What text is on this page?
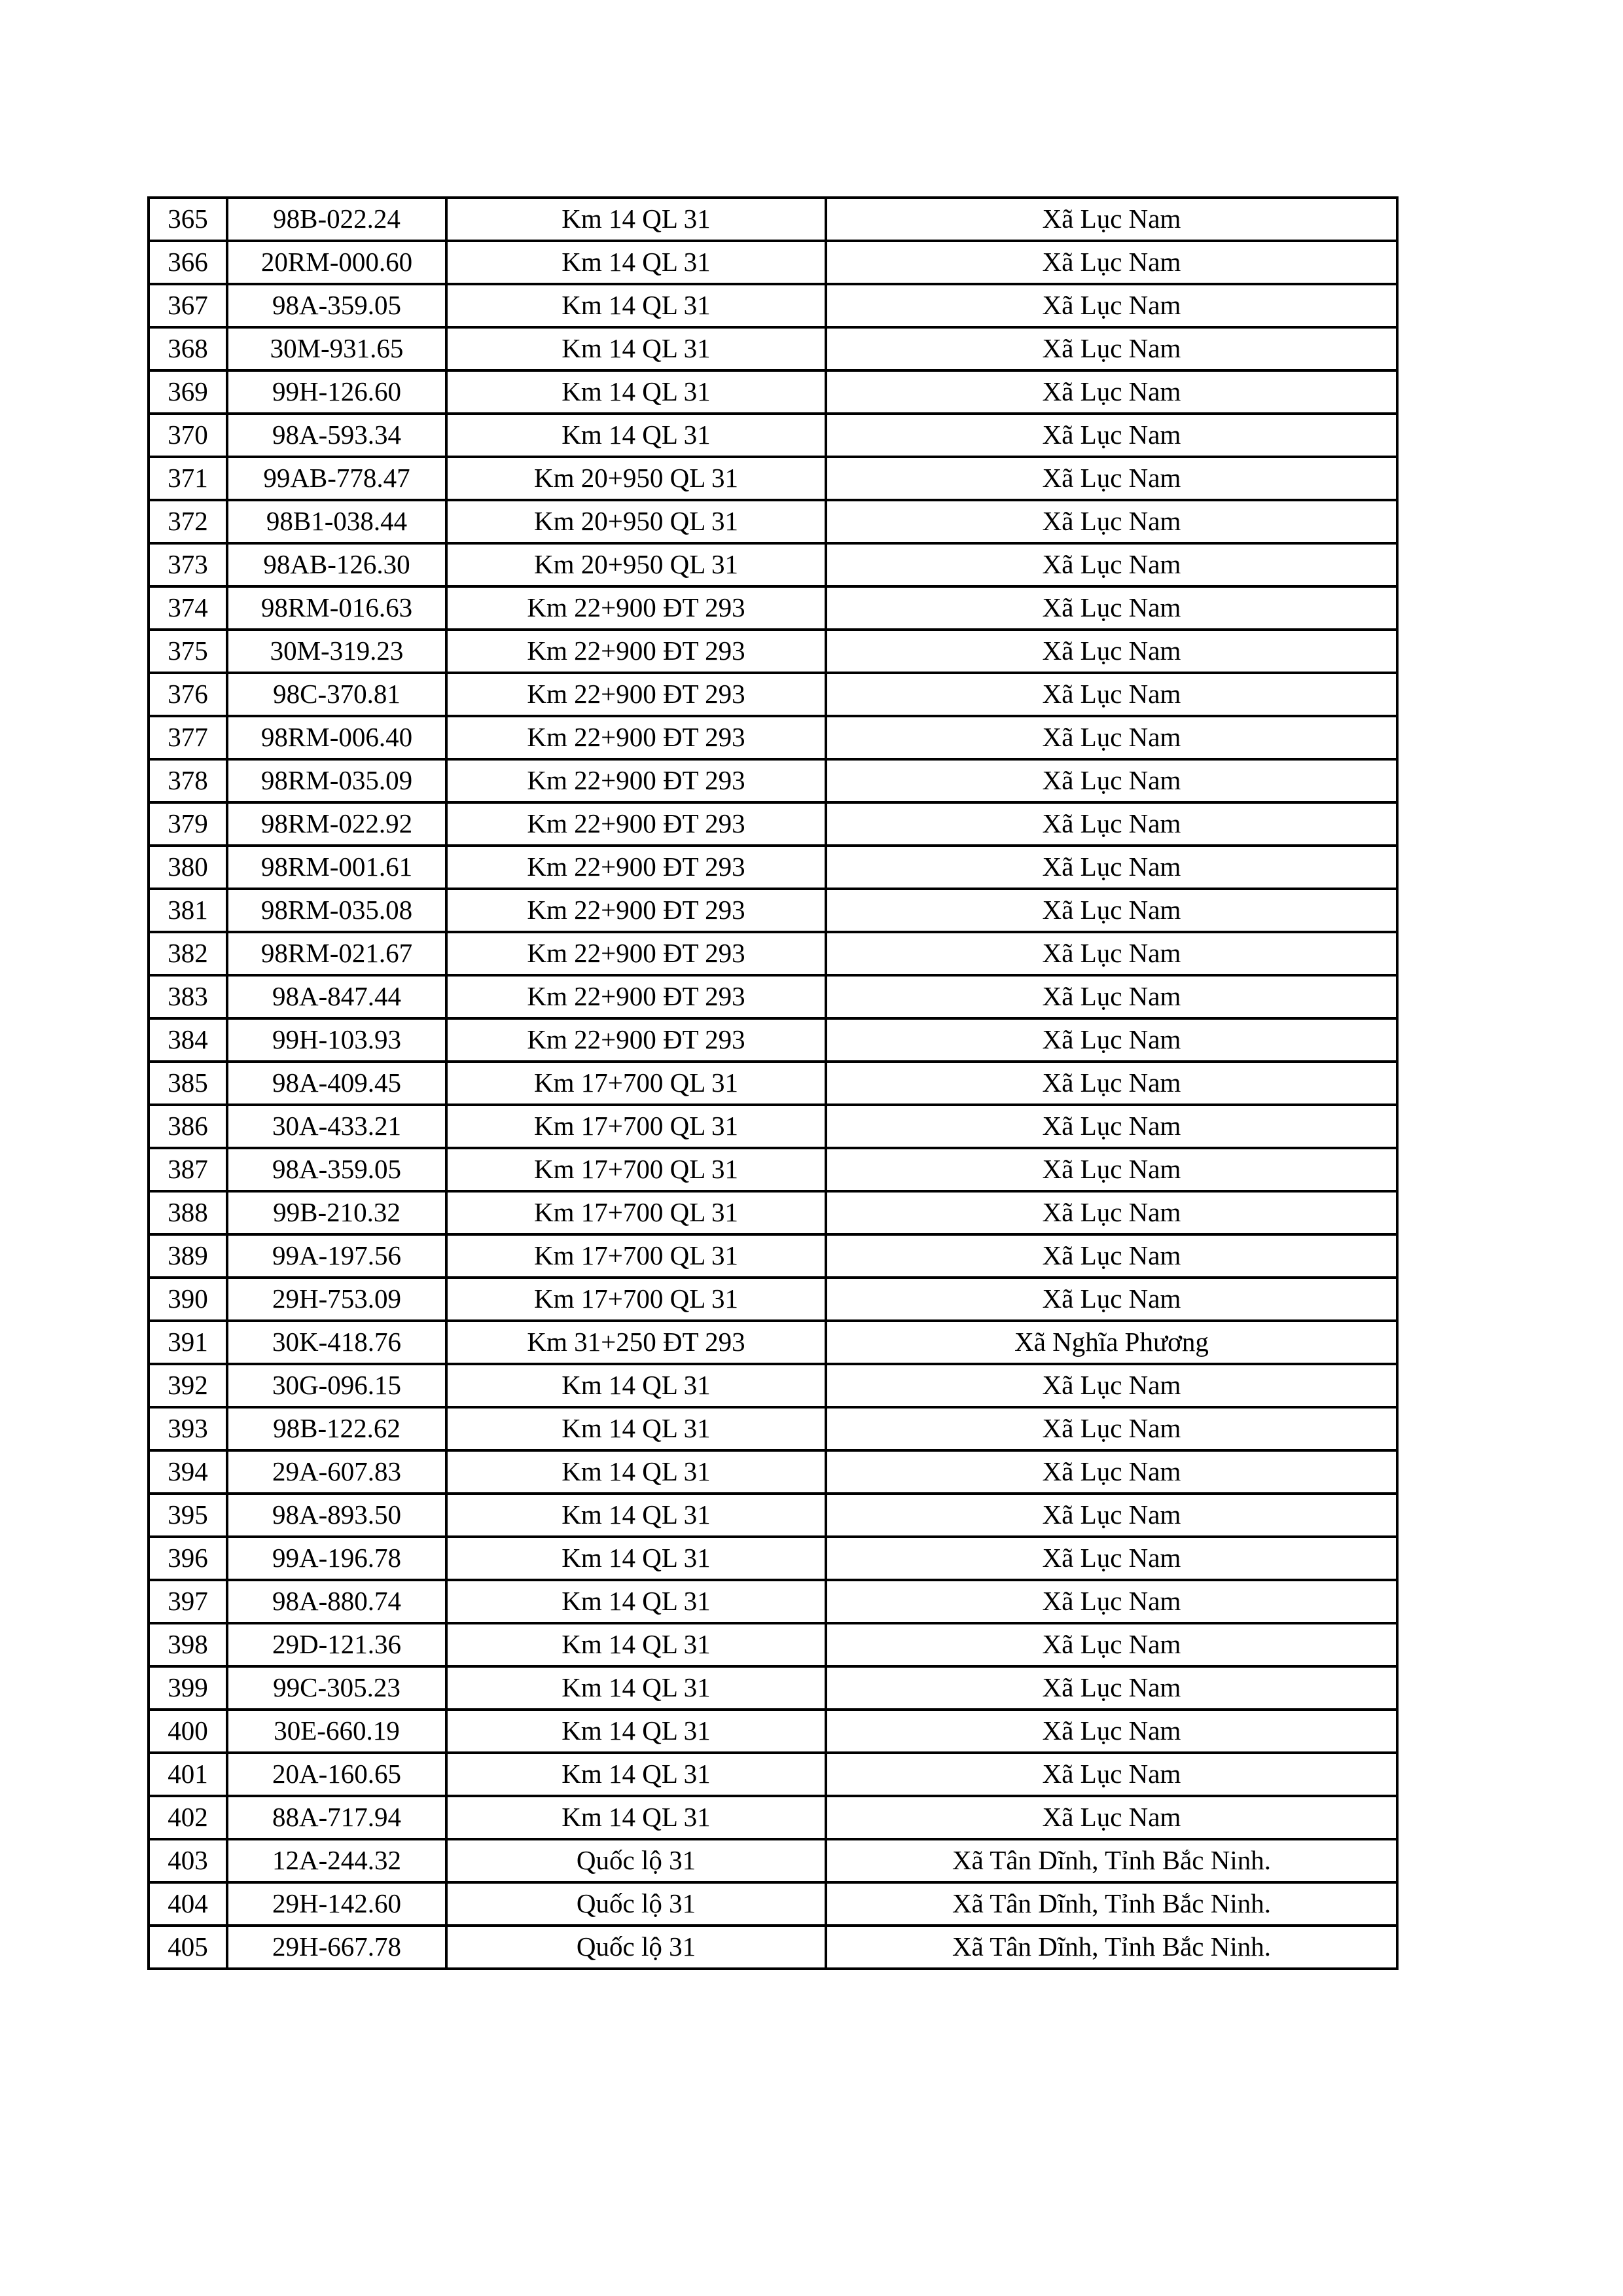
365	98B-022.24	Km 14 QL 31	Xã Lục Nam
366	20RM-000.60	Km 14 QL 31	Xã Lục Nam
367	98A-359.05	Km 14 QL 31	Xã Lục Nam
368	30M-931.65	Km 14 QL 31	Xã Lục Nam
369	99H-126.60	Km 14 QL 31	Xã Lục Nam
370	98A-593.34	Km 14 QL 31	Xã Lục Nam
371	99AB-778.47	Km 20+950 QL 31	Xã Lục Nam
372	98B1-038.44	Km 20+950 QL 31	Xã Lục Nam
373	98AB-126.30	Km 20+950 QL 31	Xã Lục Nam
374	98RM-016.63	Km 22+900 ĐT 293	Xã Lục Nam
375	30M-319.23	Km 22+900 ĐT 293	Xã Lục Nam
376	98C-370.81	Km 22+900 ĐT 293	Xã Lục Nam
377	98RM-006.40	Km 22+900 ĐT 293	Xã Lục Nam
378	98RM-035.09	Km 22+900 ĐT 293	Xã Lục Nam
379	98RM-022.92	Km 22+900 ĐT 293	Xã Lục Nam
380	98RM-001.61	Km 22+900 ĐT 293	Xã Lục Nam
381	98RM-035.08	Km 22+900 ĐT 293	Xã Lục Nam
382	98RM-021.67	Km 22+900 ĐT 293	Xã Lục Nam
383	98A-847.44	Km 22+900 ĐT 293	Xã Lục Nam
384	99H-103.93	Km 22+900 ĐT 293	Xã Lục Nam
385	98A-409.45	Km 17+700 QL 31	Xã Lục Nam
386	30A-433.21	Km 17+700 QL 31	Xã Lục Nam
387	98A-359.05	Km 17+700 QL 31	Xã Lục Nam
388	99B-210.32	Km 17+700 QL 31	Xã Lục Nam
389	99A-197.56	Km 17+700 QL 31	Xã Lục Nam
390	29H-753.09	Km 17+700 QL 31	Xã Lục Nam
391	30K-418.76	Km 31+250 ĐT 293	Xã Nghĩa Phương
392	30G-096.15	Km 14 QL 31	Xã Lục Nam
393	98B-122.62	Km 14 QL 31	Xã Lục Nam
394	29A-607.83	Km 14 QL 31	Xã Lục Nam
395	98A-893.50	Km 14 QL 31	Xã Lục Nam
396	99A-196.78	Km 14 QL 31	Xã Lục Nam
397	98A-880.74	Km 14 QL 31	Xã Lục Nam
398	29D-121.36	Km 14 QL 31	Xã Lục Nam
399	99C-305.23	Km 14 QL 31	Xã Lục Nam
400	30E-660.19	Km 14 QL 31	Xã Lục Nam
401	20A-160.65	Km 14 QL 31	Xã Lục Nam
402	88A-717.94	Km 14 QL 31	Xã Lục Nam
403	12A-244.32	Quốc lộ 31	Xã Tân Dĩnh, Tỉnh Bắc Ninh.
404	29H-142.60	Quốc lộ 31	Xã Tân Dĩnh, Tỉnh Bắc Ninh.
405	29H-667.78	Quốc lộ 31	Xã Tân Dĩnh, Tỉnh Bắc Ninh.
